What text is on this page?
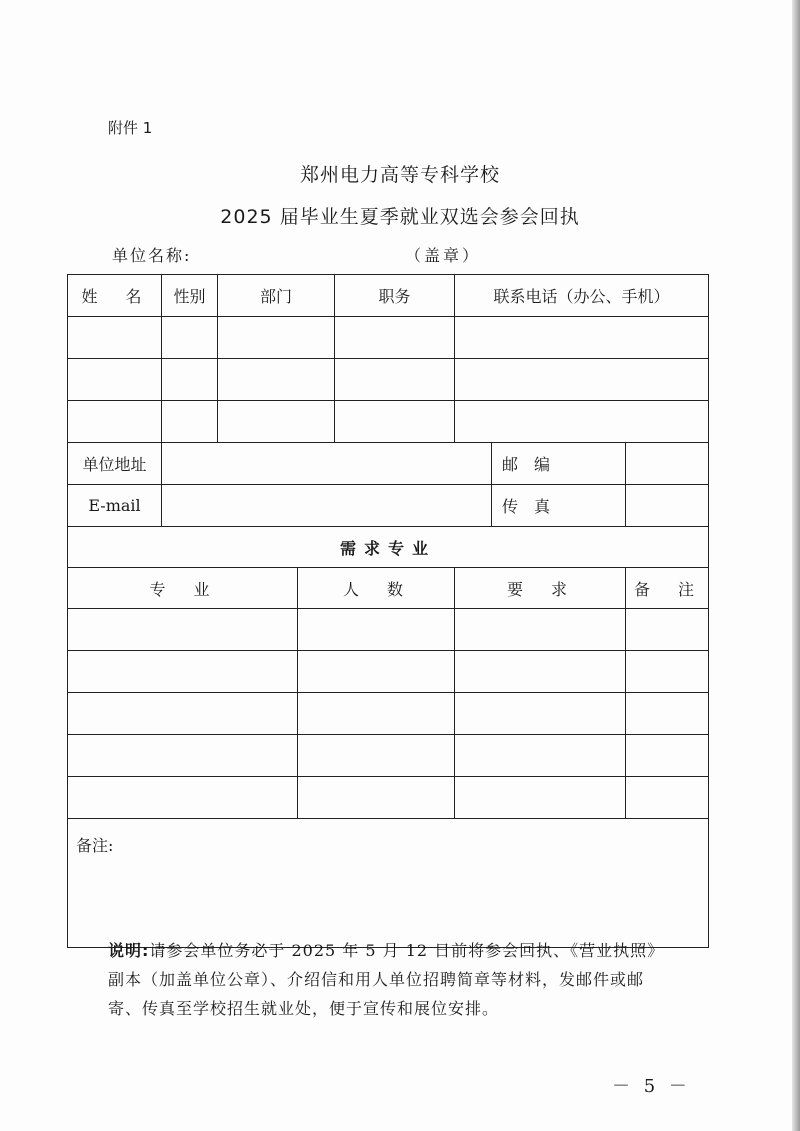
附件 1
郑州电力高等专科学校
2025 届毕业生夏季就业双选会参会回执
单位名称:	（盖章）
姓　名	性别	部门		职务	联系电话（办公、手机）		

单位地址						邮　编	
E-mail						传　真	
需求专业							
专　业			人　数		要　求		备　注

备注:							
说明:请参会单位务必于 2025 年 5 月 12 日前将参会回执、《营业执照》副本（加盖单位公章）、介绍信和用人单位招聘简章等材料，发邮件或邮寄、传真至学校招生就业处，便于宣传和展位安排。
－ 5 －
